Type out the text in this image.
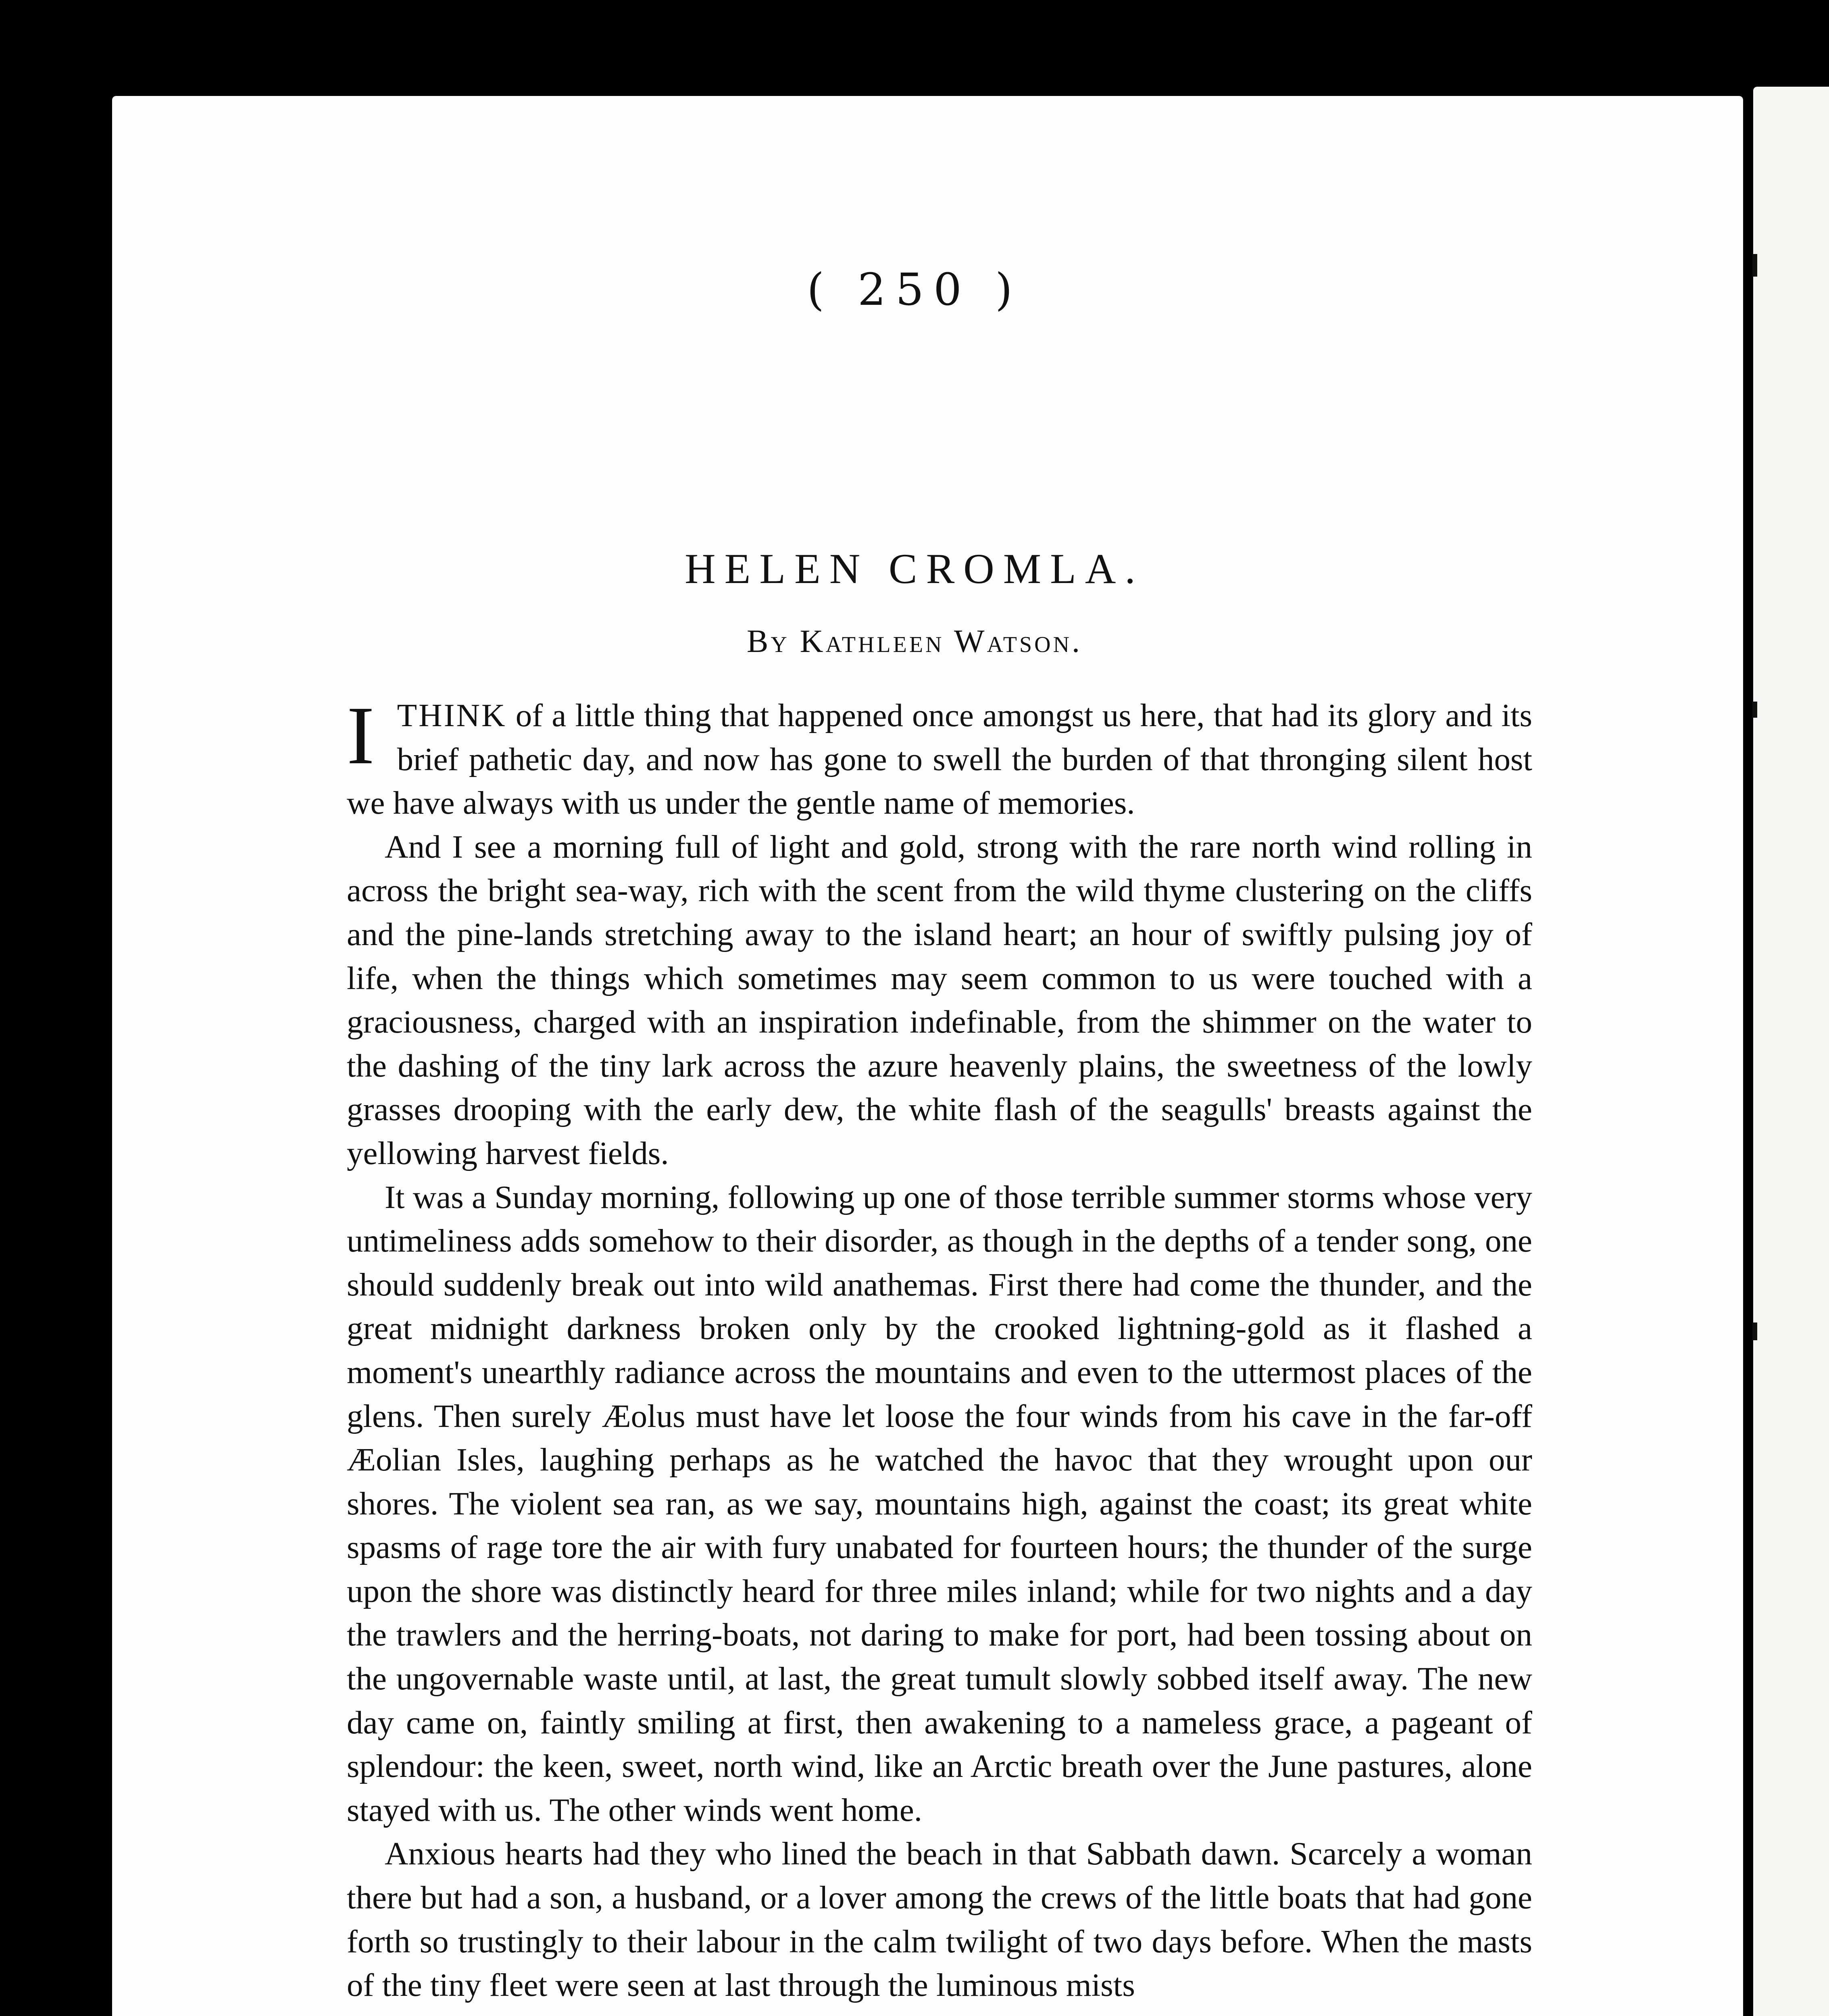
( 250 )
HELEN CROMLA.
By Kathleen Watson.

ITHINK of a little thing that happened once amongst us here, that had its glory and its brief pathetic day, and now has gone to swell the burden of that thronging silent host we have always with us under the gentle name of memories.

And I see a morning full of light and gold, strong with the rare north wind rolling in across the bright sea-way, rich with the scent from the wild thyme clustering on the cliffs and the pine-lands stretching away to the island heart; an hour of swiftly pulsing joy of life, when the things which sometimes may seem common to us were touched with a graciousness, charged with an inspiration indefinable, from the shimmer on the water to the dashing of the tiny lark across the azure heavenly plains, the sweetness of the lowly grasses drooping with the early dew, the white flash of the seagulls' breasts against the yellowing harvest fields.

It was a Sunday morning, following up one of those terrible summer storms whose very untimeliness adds somehow to their disorder, as though in the depths of a tender song, one should suddenly break out into wild anathemas. First there had come the thunder, and the great midnight darkness broken only by the crooked lightning-gold as it flashed a moment's unearthly radiance across the mountains and even to the uttermost places of the glens. Then surely Æolus must have let loose the four winds from his cave in the far-off Æolian Isles, laughing perhaps as he watched the havoc that they wrought upon our shores. The violent sea ran, as we say, mountains high, against the coast; its great white spasms of rage tore the air with fury unabated for fourteen hours; the thunder of the surge upon the shore was distinctly heard for three miles inland; while for two nights and a day the trawlers and the herring-boats, not daring to make for port, had been tossing about on the ungovernable waste until, at last, the great tumult slowly sobbed itself away. The new day came on, faintly smiling at first, then awakening to a nameless grace, a pageant of splendour: the keen, sweet, north wind, like an Arctic breath over the June pastures, alone stayed with us. The other winds went home.

Anxious hearts had they who lined the beach in that Sabbath dawn. Scarcely a woman there but had a son, a husband, or a lover among the crews of the little boats that had gone forth so trustingly to their labour in the calm twilight of two days before. When the masts of the tiny fleet were seen at last through the luminous mists
